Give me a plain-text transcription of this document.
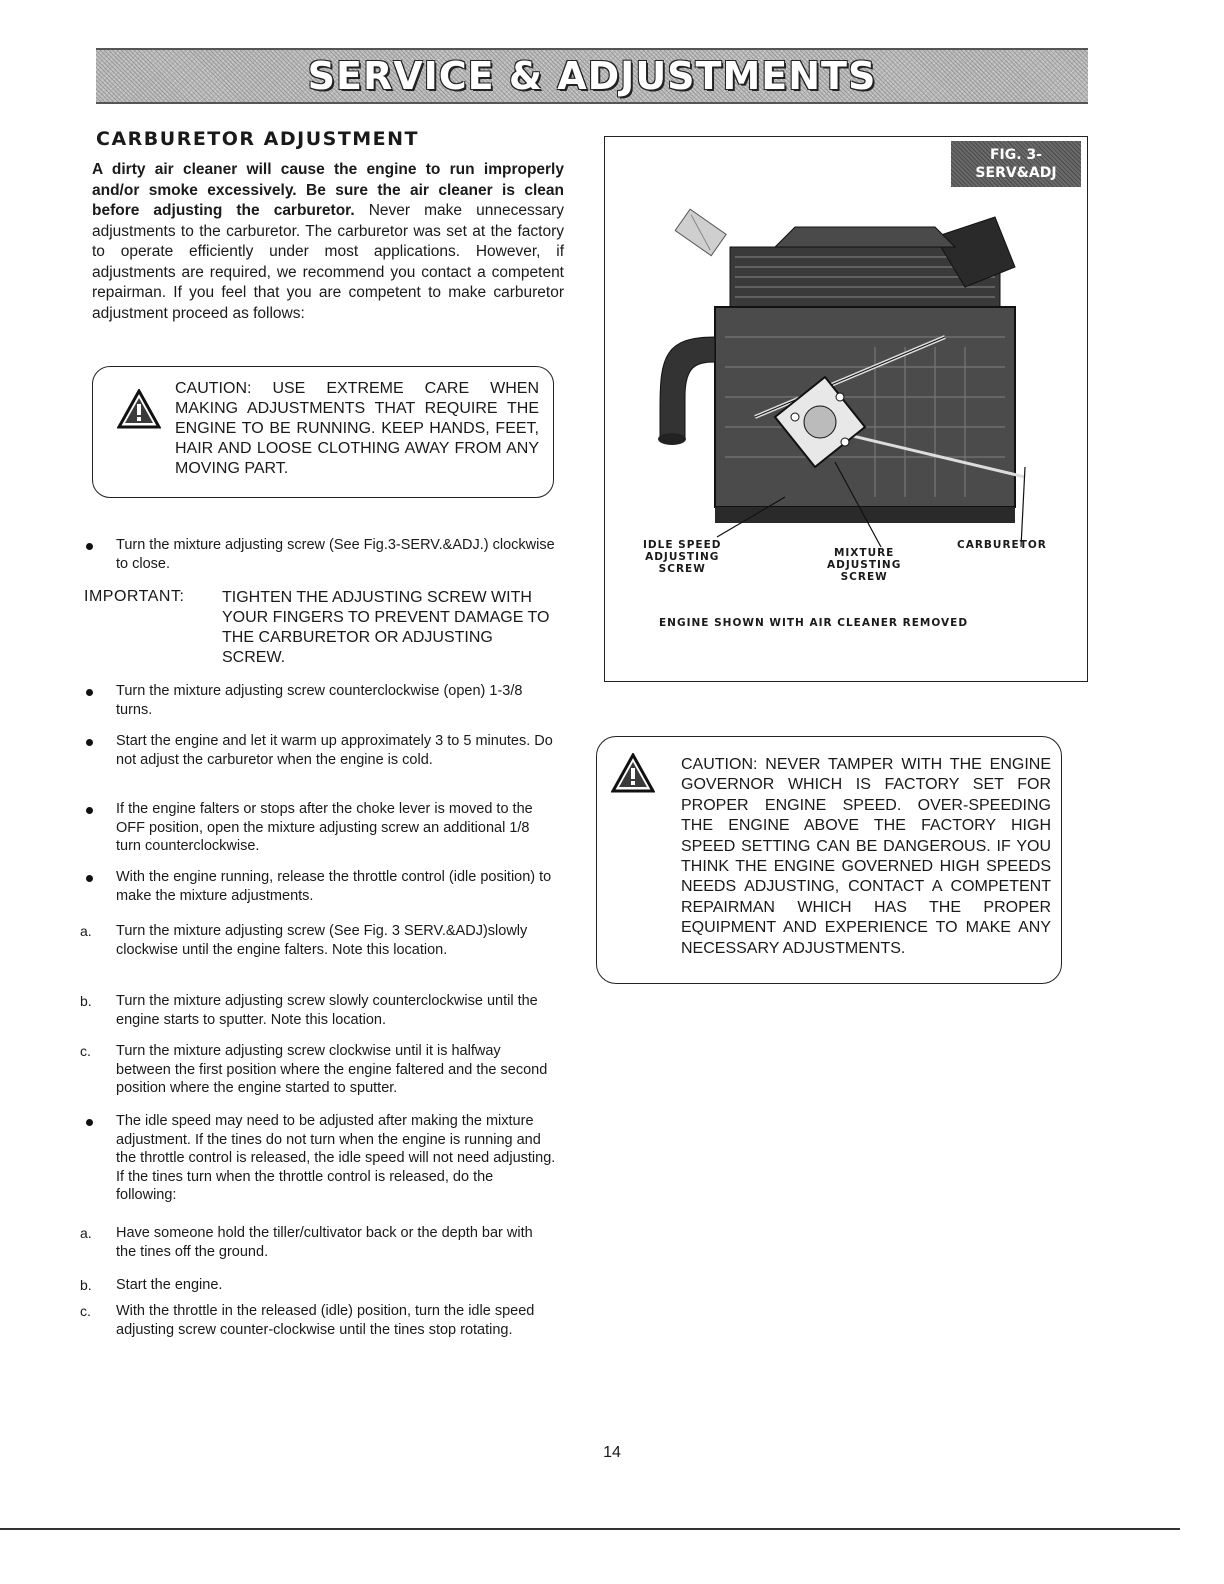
SERVICE & ADJUSTMENTS
CARBURETOR ADJUSTMENT
A dirty air cleaner will cause the engine to run improperly and/or smoke excessively. Be sure the air cleaner is clean before adjusting the carburetor. Never make unnecessary adjustments to the carburetor. The carburetor was set at the factory to operate efficiently under most applications. However, if adjustments are required, we recommend you contact a competent repairman. If you feel that you are competent to make carburetor adjustment proceed as follows:
CAUTION: USE EXTREME CARE WHEN MAKING ADJUSTMENTS THAT REQUIRE THE ENGINE TO BE RUNNING. KEEP HANDS, FEET, HAIR AND LOOSE CLOTHING AWAY FROM ANY MOVING PART.
Turn the mixture adjusting screw (See Fig.3-SERV.&ADJ.) clockwise to close.
IMPORTANT: TIGHTEN THE ADJUSTING SCREW WITH YOUR FINGERS TO PREVENT DAMAGE TO THE CARBURETOR OR ADJUSTING SCREW.
Turn the mixture adjusting screw counterclockwise (open) 1-3/8 turns.
Start the engine and let it warm up approximately 3 to 5 minutes. Do not adjust the carburetor when the engine is cold.
If the engine falters or stops after the choke lever is moved to the OFF position, open the mixture adjusting screw an additional 1/8 turn counterclockwise.
With the engine running, release the throttle control (idle position) to make the mixture adjustments.
a.	Turn the mixture adjusting screw (See Fig. 3 SERV.&ADJ)slowly clockwise until the engine falters. Note this location.
b.	Turn the mixture adjusting screw slowly counterclockwise until the engine starts to sputter. Note this location.
c.	Turn the mixture adjusting screw clockwise until it is halfway between the first position where the engine faltered and the second position where the engine started to sputter.
The idle speed may need to be adjusted after making the mixture adjustment. If the tines do not turn when the engine is running and the throttle control is released, the idle speed will not need adjusting. If the tines turn when the throttle control is released, do the following:
a.	Have someone hold the tiller/cultivator back or the depth bar with the tines off the ground.
b.	Start the engine.
c.	With the throttle in the released (idle) position, turn the idle speed adjusting screw counter-clockwise until the tines stop rotating.
FIG. 3-
SERV&ADJ
IDLE SPEED
ADJUSTING
SCREW
MIXTURE
ADJUSTING
SCREW
CARBURETOR
ENGINE SHOWN WITH AIR CLEANER REMOVED
CAUTION: NEVER TAMPER WITH THE ENGINE GOVERNOR WHICH IS FACTORY SET FOR PROPER ENGINE SPEED. OVER-SPEEDING THE ENGINE ABOVE THE FACTORY HIGH SPEED SETTING CAN BE DANGEROUS. IF YOU THINK THE ENGINE GOVERNED HIGH SPEEDS NEEDS ADJUSTING, CONTACT A COMPETENT REPAIRMAN WHICH HAS THE PROPER EQUIPMENT AND EXPERIENCE TO MAKE ANY NECESSARY ADJUSTMENTS.
14
